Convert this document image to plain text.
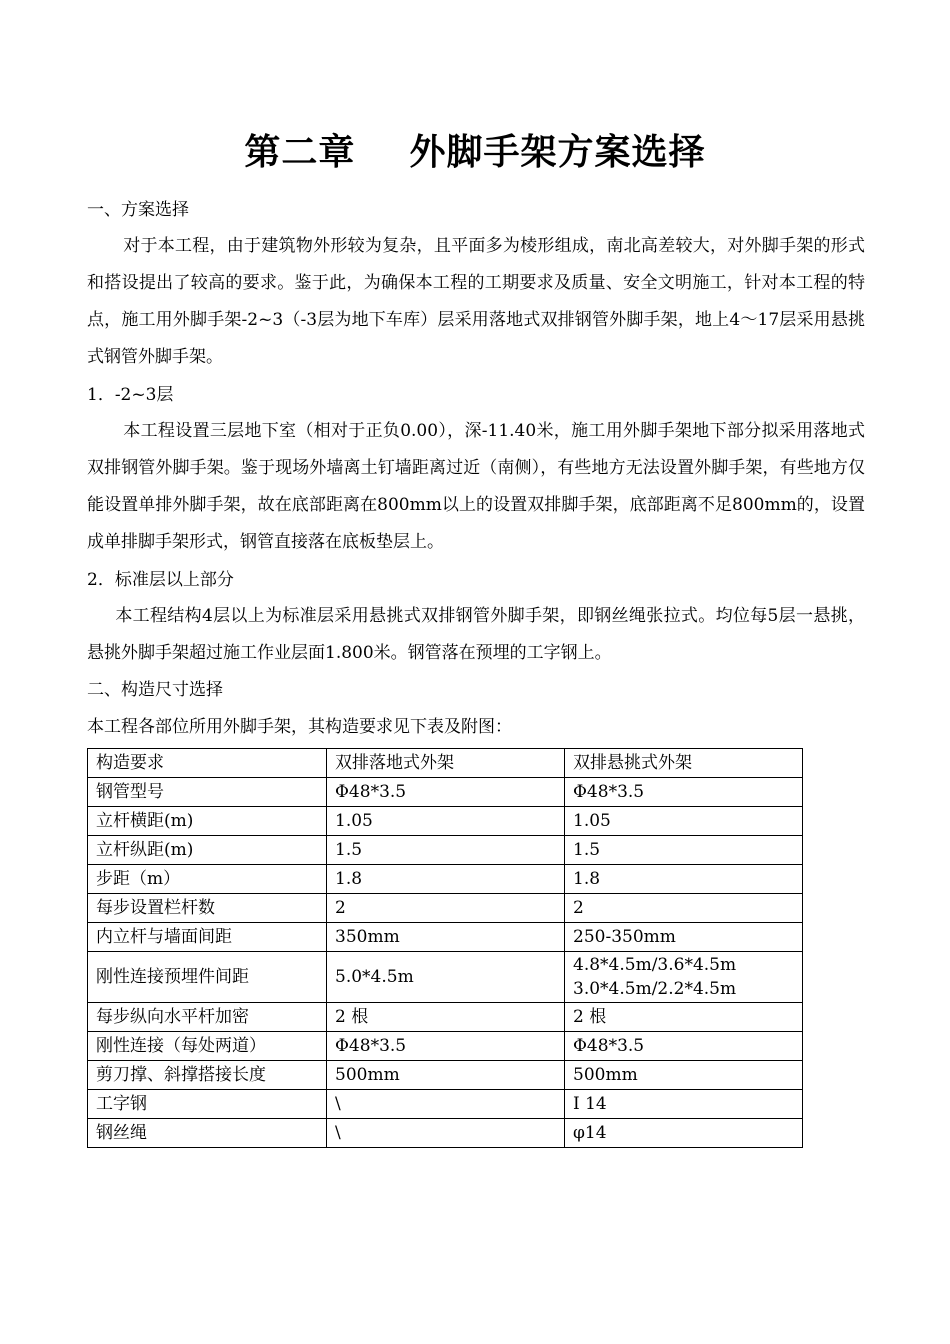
第二章    外脚手架方案选择
一、方案选择

对于本工程，由于建筑物外形较为复杂，且平面多为棱形组成，南北高差较大，对外脚手架的形式和搭设提出了较高的要求。鉴于此，为确保本工程的工期要求及质量、安全文明施工，针对本工程的特点，施工用外脚手架-2~3（-3层为地下车库）层采用落地式双排钢管外脚手架，地上4～17层采用悬挑式钢管外脚手架。

1．-2~3层

本工程设置三层地下室（相对于正负0.00），深-11.40米，施工用外脚手架地下部分拟采用落地式双排钢管外脚手架。鉴于现场外墙离土钉墙距离过近（南侧），有些地方无法设置外脚手架，有些地方仅能设置单排外脚手架，故在底部距离在800mm以上的设置双排脚手架，底部距离不足800mm的，设置成单排脚手架形式，钢管直接落在底板垫层上。

2．标准层以上部分

本工程结构4层以上为标准层采用悬挑式双排钢管外脚手架，即钢丝绳张拉式。均位每5层一悬挑，悬挑外脚手架超过施工作业层面1.800米。钢管落在预埋的工字钢上。

二、构造尺寸选择
本工程各部位所用外脚手架，其构造要求见下表及附图：
构造要求	双排落地式外架	双排悬挑式外架
钢管型号	Φ48*3.5	Φ48*3.5
立杆横距(m)	1.05	1.05
立杆纵距(m)	1.5	1.5
步距（m）	1.8	1.8
每步设置栏杆数	2	2
内立杆与墙面间距	350mm	250-350mm
刚性连接预埋件间距	5.0*4.5m	4.8*4.5m/3.6*4.5m
3.0*4.5m/2.2*4.5m

每步纵向水平杆加密	2 根	2 根
刚性连接（每处两道）	Φ48*3.5	Φ48*3.5
剪刀撑、斜撑搭接长度	500mm	500mm
工字钢	\	I 14
钢丝绳	\	φ14
